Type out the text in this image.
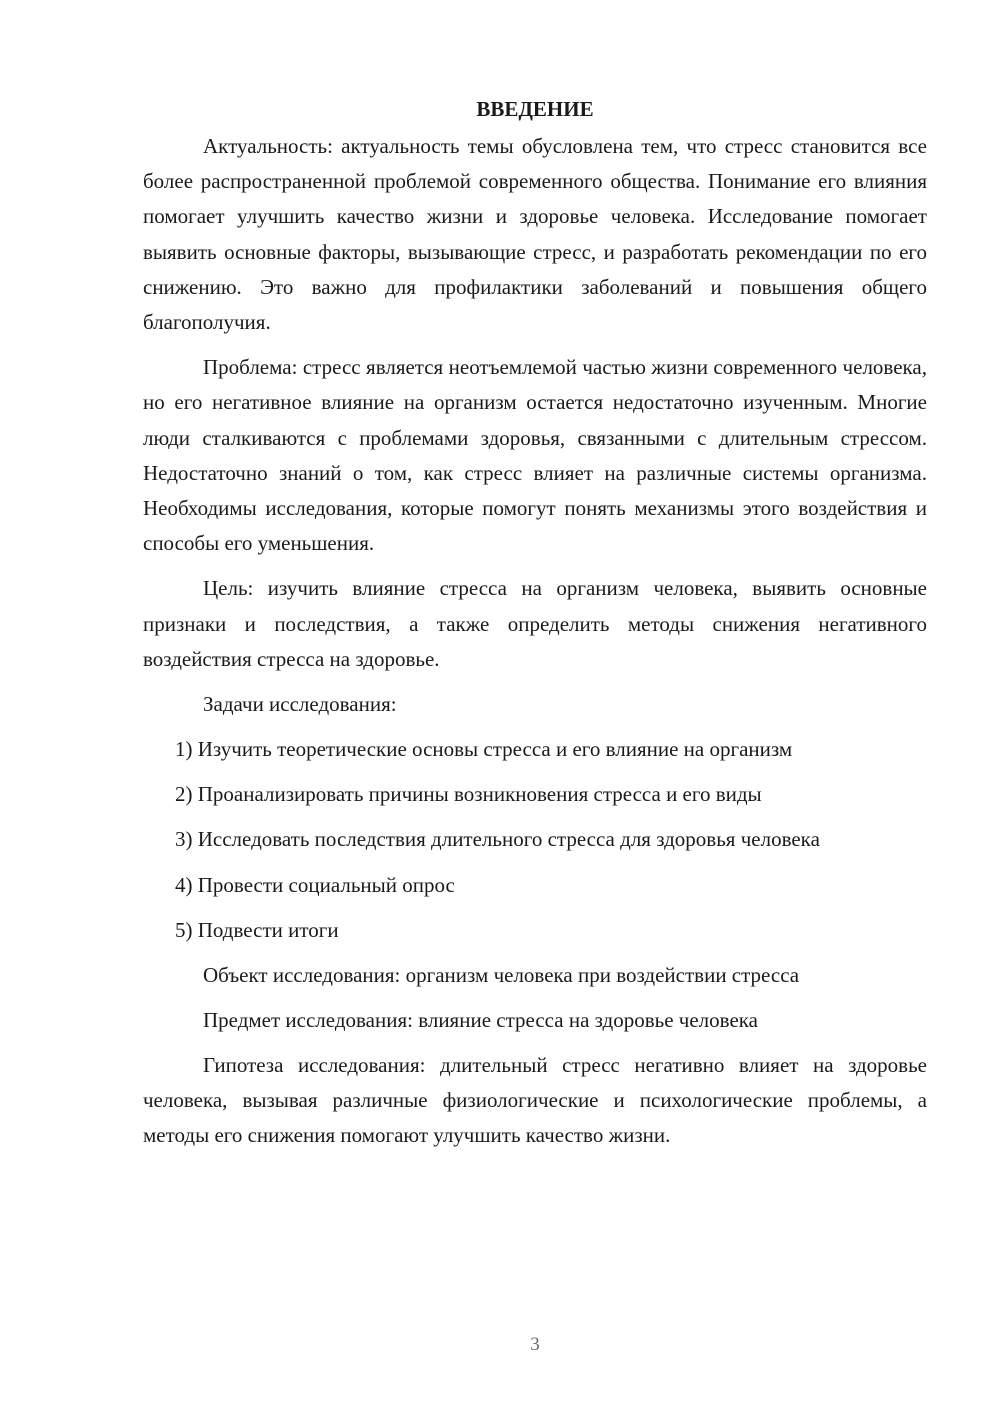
ВВЕДЕНИЕ

Актуальность: актуальность темы обусловлена тем, что стресс становится все более распространенной проблемой современного общества. Понимание его влияния помогает улучшить качество жизни и здоровье человека. Исследование помогает выявить основные факторы, вызывающие стресс, и разработать рекомендации по его снижению. Это важно для профилактики заболеваний и повышения общего благополучия.

Проблема: стресс является неотъемлемой частью жизни современного человека, но его негативное влияние на организм остается недостаточно изученным. Многие люди сталкиваются с проблемами здоровья, связанными с длительным стрессом. Недостаточно знаний о том, как стресс влияет на различные системы организма. Необходимы исследования, которые помогут понять механизмы этого воздействия и способы его уменьшения.

Цель: изучить влияние стресса на организм человека, выявить основные признаки и последствия, а также определить методы снижения негативного воздействия стресса на здоровье.

Задачи исследования:

1) Изучить теоретические основы стресса и его влияние на организм

2) Проанализировать причины возникновения стресса и его виды

3) Исследовать последствия длительного стресса для здоровья человека

4) Провести социальный опрос

5) Подвести итоги

Объект исследования: организм человека при воздействии стресса

Предмет исследования: влияние стресса на здоровье человека

Гипотеза исследования: длительный стресс негативно влияет на здоровье человека, вызывая различные физиологические и психологические проблемы, а методы его снижения помогают улучшить качество жизни.

3
